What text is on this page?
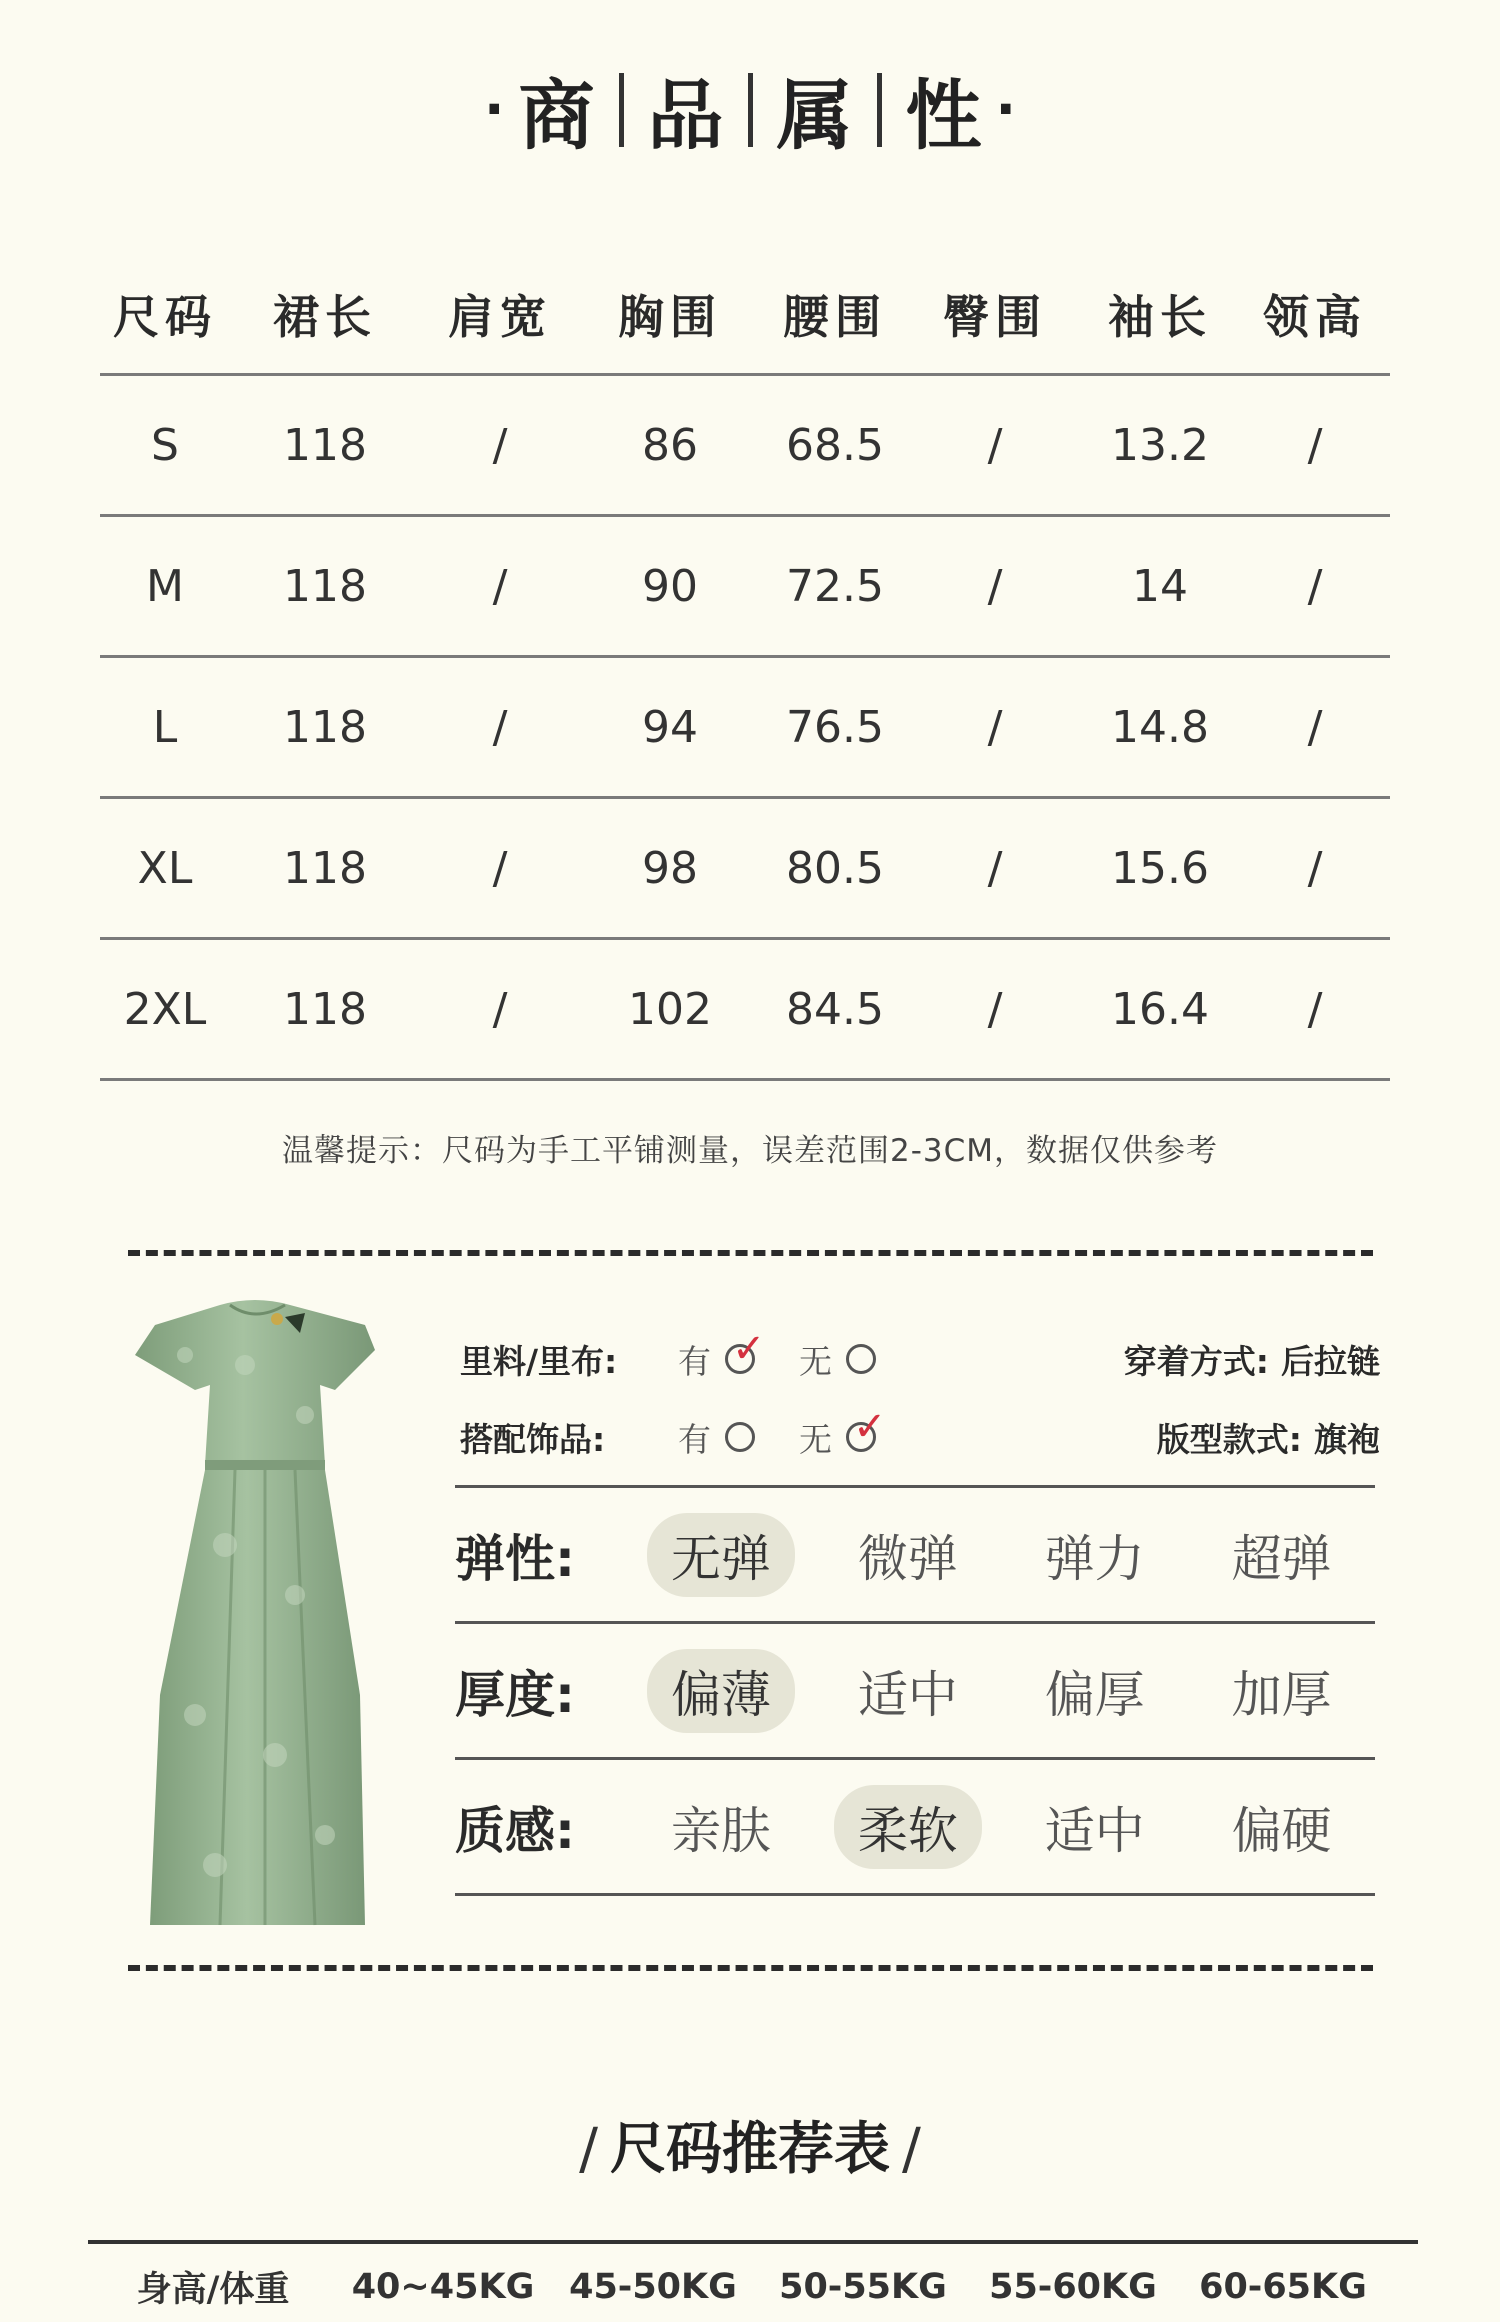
· 商 品 属 性 ·
尺码	裙长	肩宽	胸围	腰围	臀围	袖长	领高
S	118	/	86	68.5	/	13.2	/
M	118	/	90	72.5	/	14	/
L	118	/	94	76.5	/	14.8	/
XL	118	/	98	80.5	/	15.6	/
2XL	118	/	102	84.5	/	16.4	/
温馨提示：尺码为手工平铺测量，误差范围2-3CM，数据仅供参考
里料/里布:	有 ✓ 无	穿着方式: 后拉链
搭配饰品:	有	无 ✓	版型款式: 旗袍
弹性:	无弹	微弹	弹力	超弹
厚度:	偏薄	适中	偏厚	加厚
质感:	亲肤	柔软	适中	偏硬
/ 尺码推荐表 /
身高/体重	40~45KG 45-50KG	50-55KG	55-60KG	60-65KG
